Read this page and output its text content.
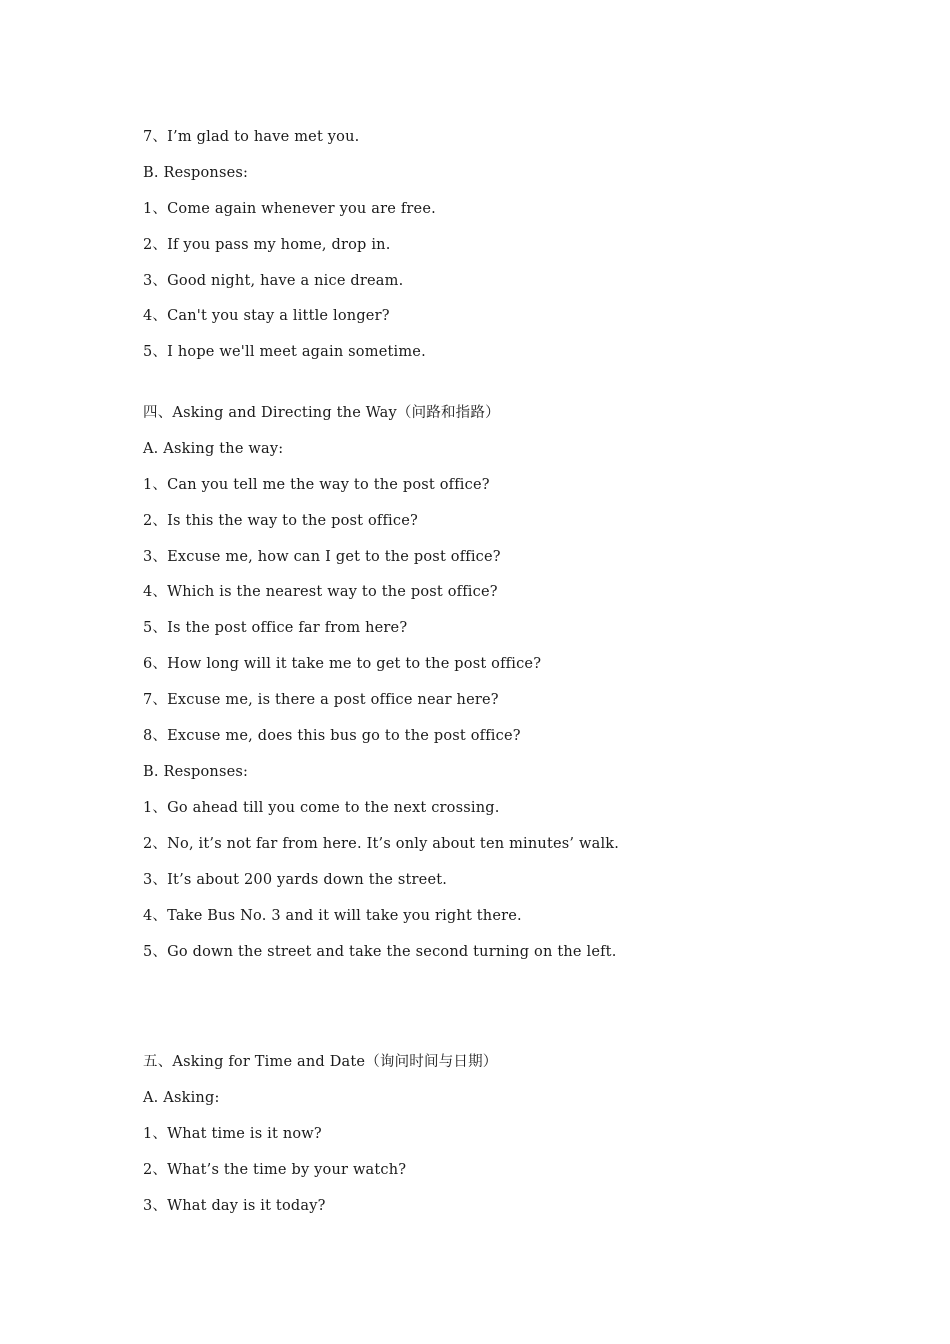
7、I’m glad to have met you.
B. Responses:
1、Come again whenever you are free.
2、If you pass my home, drop in.
3、Good night, have a nice dream.
4、Can't you stay a little longer?
5、I hope we'll meet again sometime.
四、Asking and Directing the Way（问路和指路）
A. Asking the way:
1、Can you tell me the way to the post office?
2、Is this the way to the post office?
3、Excuse me, how can I get to the post office?
4、Which is the nearest way to the post office?
5、Is the post office far from here?
6、How long will it take me to get to the post office?
7、Excuse me, is there a post office near here?
8、Excuse me, does this bus go to the post office?
B. Responses:
1、Go ahead till you come to the next crossing.
2、No, it’s not far from here. It’s only about ten minutes’ walk.
3、It’s about 200 yards down the street.
4、Take Bus No. 3 and it will take you right there.
5、Go down the street and take the second turning on the left.
五、Asking for Time and Date（询问时间与日期）
A. Asking:
1、What time is it now?
2、What’s the time by your watch?
3、What day is it today?
